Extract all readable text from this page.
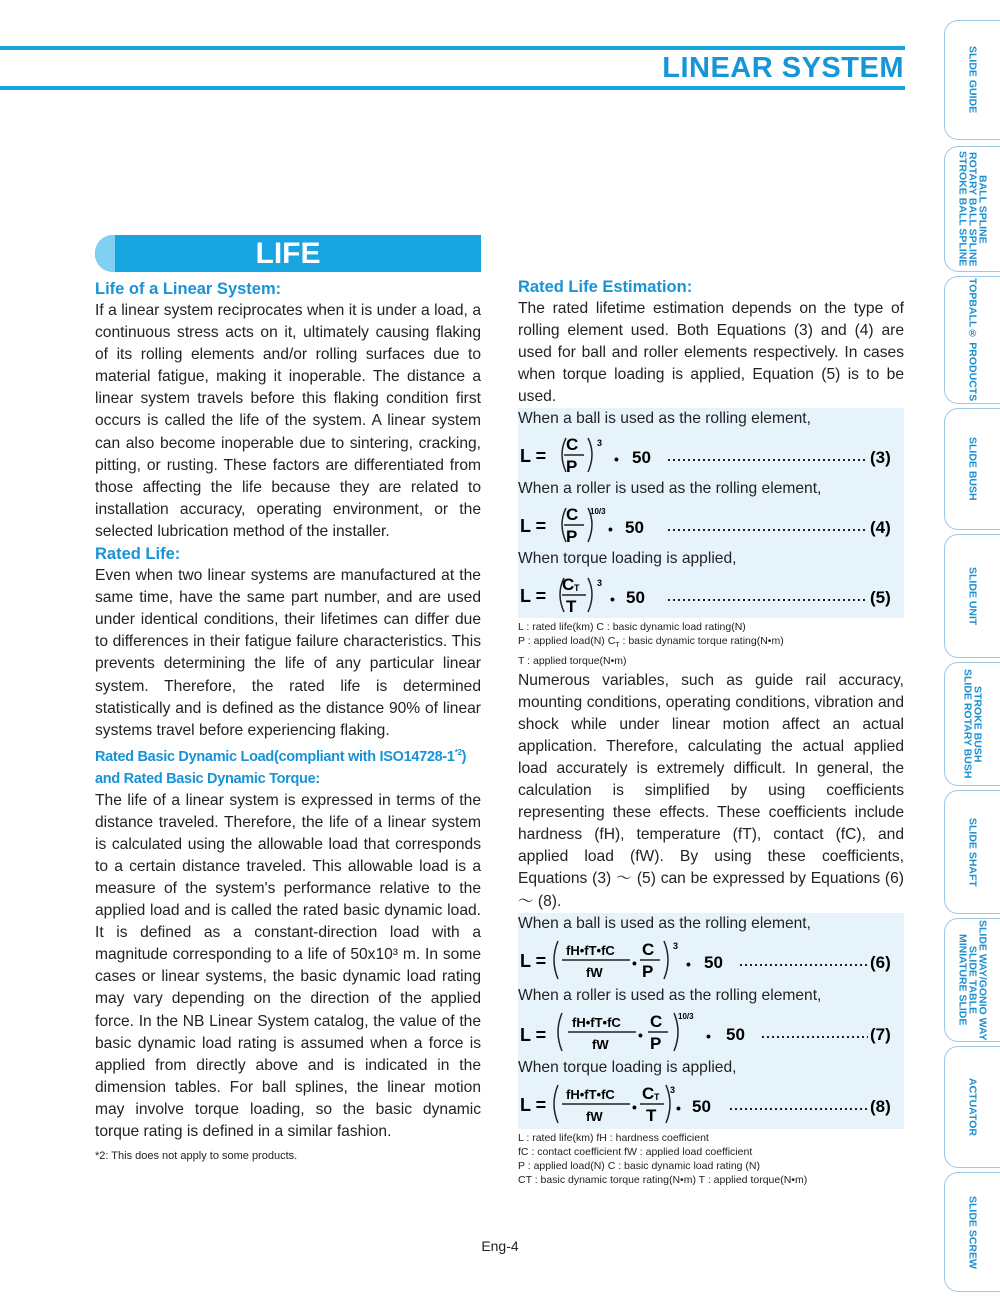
LINEAR SYSTEM	SLIDE GUIDE
BALL SPLINE
ROTARY BALL SPLINE
STROKE BALL SPLINE
TOPBALL® PRODUCTS
SLIDE BUSH
SLIDE UNIT
STROKE BUSH
SLIDE ROTARY BUSH
SLIDE SHAFT
SLIDE WAY/GONIO WAY
SLIDE TABLE
MINIATURE SLIDE
ACTUATOR
SLIDE SCREW
LIFE
Life of a Linear System:

If a linear system reciprocates when it is under a load, a continuous stress acts on it, ultimately causing flaking of its rolling elements and/or rolling surfaces due to material fatigue, making it inoperable. The distance a linear system travels before this flaking condition first occurs is called the life of the system. A linear system can also become inoperable due to sintering, cracking, pitting, or rusting. These factors are differentiated from those affecting the life because they are related to installation accuracy, operating environment, or the selected lubrication method of the installer.

Rated Life:

Even when two linear systems are manufactured at the same time, have the same part number, and are used under identical conditions, their lifetimes can differ due to differences in their fatigue failure characteristics. This prevents determining the life of any particular linear system. Therefore, the rated life is determined statistically and is defined as the distance 90% of linear systems travel before experiencing flaking.

Rated Basic Dynamic Load(compliant with ISO14728-1$^{*2}$)
and Rated Basic Dynamic Torque:

The life of a linear system is expressed in terms of the distance traveled. Therefore, the life of a linear system is calculated using the allowable load that corresponds to a certain distance traveled. This allowable load is a measure of the system's performance relative to the applied load and is called the rated basic dynamic load. It is defined as a constant-direction load with a magnitude corresponding to a life of 50x10³ m. In some cases or linear systems, the basic dynamic load rating may vary depending on the direction of the applied force. In the NB Linear System catalog, the value of the basic dynamic load rating is assumed when a force is applied from directly above and is indicated in the dimension tables. For ball splines, the linear motion may involve torque loading, so the basic dynamic torque rating is defined in a similar fashion.

*2: This does not apply to some products.
Rated Life Estimation:

The rated lifetime estimation depends on the type of rolling element used. Both Equations (3) and (4) are used for ball and roller elements respectively. In cases when torque loading is applied, Equation (5) is to be used.

When a ball is used as the rolling element,
L =
C
P
3
• 50	(3)
When a roller is used as the rolling element,
L =
C
P
10/3
• 50	(4)
When torque loading is applied,
L =
C T
T
3
• 50	(5)
L : rated life(km) C : basic dynamic load rating(N)
P : applied load(N) $C_T$ : basic dynamic torque rating(N•m)
T : applied torque(N•m)

Numerous variables, such as guide rail accuracy, mounting conditions, operating conditions, vibration and shock while under linear motion affect an actual application. Therefore, calculating the actual applied load accurately is extremely difficult. In general, the calculation is simplified by using coefficients representing these effects. These coefficients include hardness (fH), temperature (fT), contact (fC), and applied load (fW). By using these coefficients, Equations (3) 〜 (5) can be expressed by Equations (6) 〜 (8).

When a ball is used as the rolling element,
L =
fH•fT•fC
fW
•
C
P
3
• 50	(6)
When a roller is used as the rolling element,
L =
fH•fT•fC
fW
•
C
P
10/3
• 50	(7)
When torque loading is applied,
L =
fH•fT•fC
fW
•
C T
T
3
• 50	(8)
L : rated life(km) fH : hardness coefficient
fC : contact coefficient fW : applied load coefficient
P : applied load(N) C : basic dynamic load rating (N)
CT : basic dynamic torque rating(N•m) T : applied torque(N•m)
Eng-4
